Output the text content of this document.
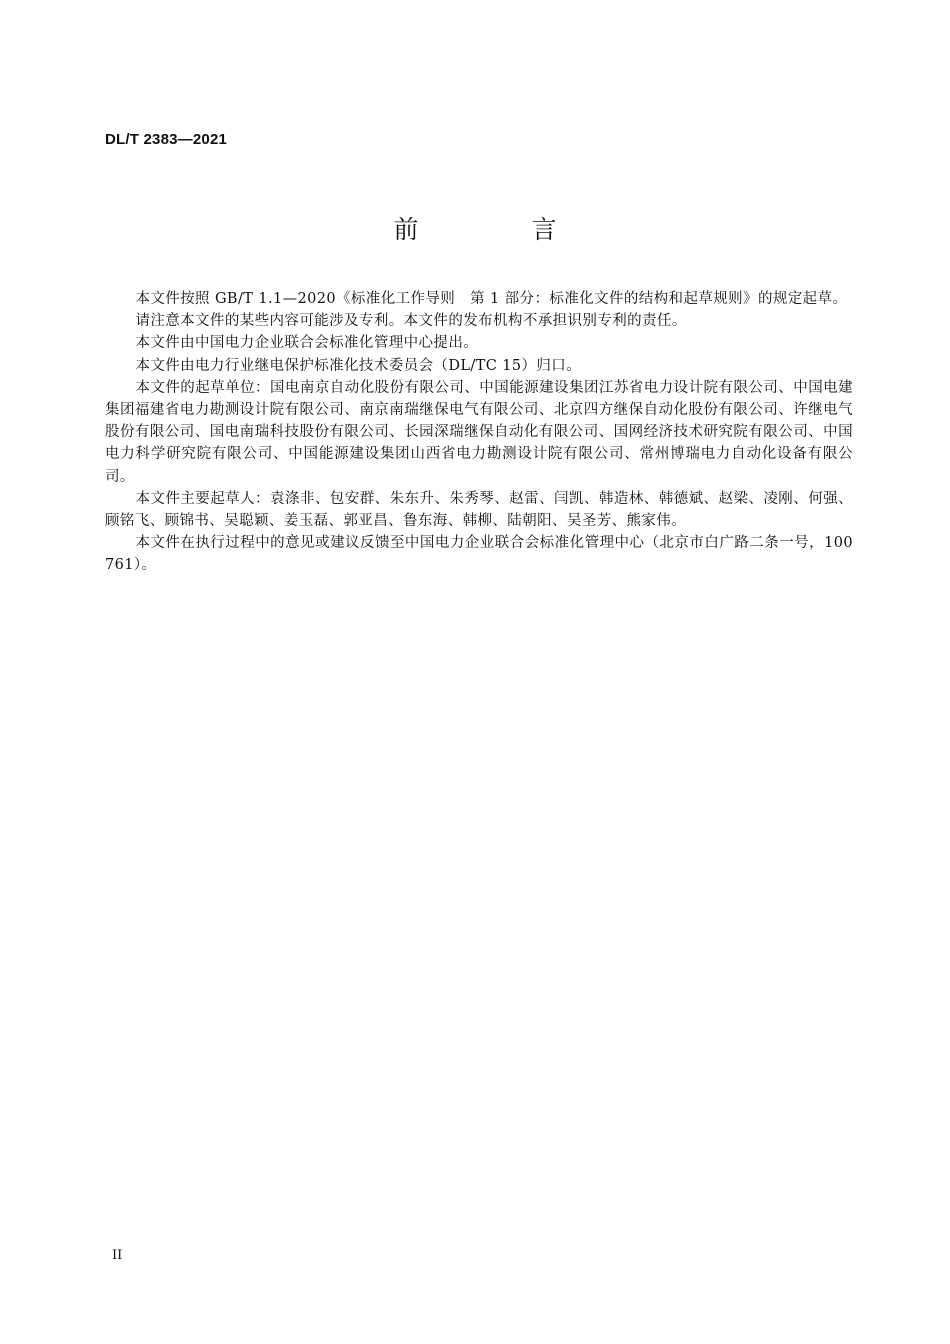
DL/T 2383—2021
前　言

本文件按照 GB/T 1.1—2020《标准化工作导则　第 1 部分：标准化文件的结构和起草规则》的规定起草。

请注意本文件的某些内容可能涉及专利。本文件的发布机构不承担识别专利的责任。

本文件由中国电力企业联合会标准化管理中心提出。

本文件由电力行业继电保护标准化技术委员会（DL/TC 15）归口。

本文件的起草单位：国电南京自动化股份有限公司、中国能源建设集团江苏省电力设计院有限公司、中国电建集团福建省电力勘测设计院有限公司、南京南瑞继保电气有限公司、北京四方继保自动化股份有限公司、许继电气股份有限公司、国电南瑞科技股份有限公司、长园深瑞继保自动化有限公司、国网经济技术研究院有限公司、中国电力科学研究院有限公司、中国能源建设集团山西省电力勘测设计院有限公司、常州博瑞电力自动化设备有限公司。

本文件主要起草人：袁涤非、包安群、朱东升、朱秀琴、赵雷、闫凯、韩造林、韩德斌、赵梁、凌刚、何强、顾铭飞、顾锦书、吴聪颖、姜玉磊、郭亚昌、鲁东海、韩柳、陆朝阳、吴圣芳、熊家伟。

本文件在执行过程中的意见或建议反馈至中国电力企业联合会标准化管理中心（北京市白广路二条一号，100761）。

II
